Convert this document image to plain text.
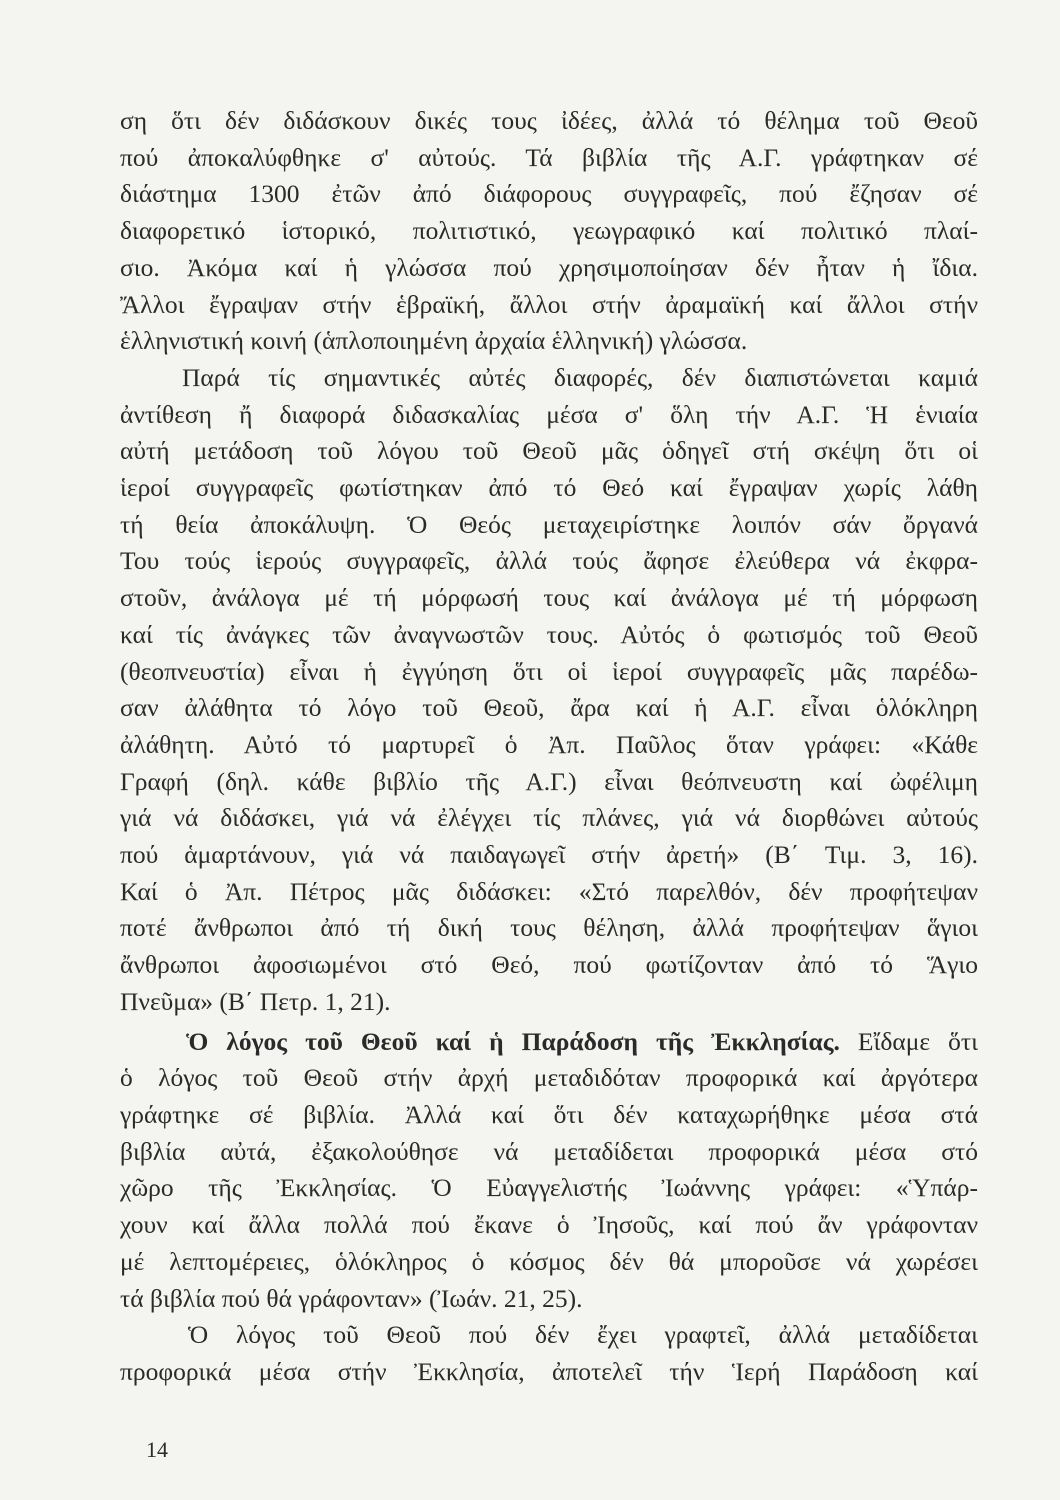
ση ὅτι δέν διδάσκουν δικές τους ἰδέες, ἀλλά τό θέλημα τοῦ Θεοῦ
πού ἀποκαλύφθηκε σ' αὐτούς. Τά βιβλία τῆς Α.Γ. γράφτηκαν σέ
διάστημα 1300 ἐτῶν ἀπό διάφορους συγγραφεῖς, πού ἔζησαν σέ
διαφορετικό ἱστορικό, πολιτιστικό, γεωγραφικό καί πολιτικό πλαί-
σιο. Ἀκόμα καί ἡ γλώσσα πού χρησιμοποίησαν δέν ἦταν ἡ ἴδια.
Ἄλλοι ἔγραψαν στήν ἑβραϊκή, ἄλλοι στήν ἀραμαϊκή καί ἄλλοι στήν
ἑλληνιστική κοινή (ἁπλοποιημένη ἀρχαία ἑλληνική) γλώσσα.
Παρά τίς σημαντικές αὐτές διαφορές, δέν διαπιστώνεται καμιά
ἀντίθεση ἤ διαφορά διδασκαλίας μέσα σ' ὅλη τήν Α.Γ. Ἡ ἑνιαία
αὐτή μετάδοση τοῦ λόγου τοῦ Θεοῦ μᾶς ὁδηγεῖ στή σκέψη ὅτι οἱ
ἱεροί συγγραφεῖς φωτίστηκαν ἀπό τό Θεό καί ἔγραψαν χωρίς λάθη
τή θεία ἀποκάλυψη. Ὁ Θεός μεταχειρίστηκε λοιπόν σάν ὄργανά
Του τούς ἱερούς συγγραφεῖς, ἀλλά τούς ἄφησε ἐλεύθερα νά ἐκφρα-
στοῦν, ἀνάλογα μέ τή μόρφωσή τους καί ἀνάλογα μέ τή μόρφωση
καί τίς ἀνάγκες τῶν ἀναγνωστῶν τους. Αὐτός ὁ φωτισμός τοῦ Θεοῦ
(θεοπνευστία) εἶναι ἡ ἐγγύηση ὅτι οἱ ἱεροί συγγραφεῖς μᾶς παρέδω-
σαν ἀλάθητα τό λόγο τοῦ Θεοῦ, ἄρα καί ἡ Α.Γ. εἶναι ὁλόκληρη
ἀλάθητη. Αὐτό τό μαρτυρεῖ ὁ Ἀπ. Παῦλος ὅταν γράφει: «Κάθε
Γραφή (δηλ. κάθε βιβλίο τῆς Α.Γ.) εἶναι θεόπνευστη καί ὠφέλιμη
γιά νά διδάσκει, γιά νά ἐλέγχει τίς πλάνες, γιά νά διορθώνει αὐτούς
πού ἁμαρτάνουν, γιά νά παιδαγωγεῖ στήν ἀρετή» (Β΄ Τιμ. 3, 16).
Καί ὁ Ἀπ. Πέτρος μᾶς διδάσκει: «Στό παρελθόν, δέν προφήτεψαν
ποτέ ἄνθρωποι ἀπό τή δική τους θέληση, ἀλλά προφήτεψαν ἅγιοι
ἄνθρωποι ἀφοσιωμένοι στό Θεό, πού φωτίζονταν ἀπό τό Ἅγιο
Πνεῦμα» (Β΄ Πετρ. 1, 21).
Ὁ λόγος τοῦ Θεοῦ καί ἡ Παράδοση τῆς Ἐκκλησίας. Εἴδαμε ὅτι
ὁ λόγος τοῦ Θεοῦ στήν ἀρχή μεταδιδόταν προφορικά καί ἀργότερα
γράφτηκε σέ βιβλία. Ἀλλά καί ὅτι δέν καταχωρήθηκε μέσα στά
βιβλία αὐτά, ἐξακολούθησε νά μεταδίδεται προφορικά μέσα στό
χῶρο τῆς Ἐκκλησίας. Ὁ Εὐαγγελιστής Ἰωάννης γράφει: «Ὑπάρ-
χουν καί ἄλλα πολλά πού ἔκανε ὁ Ἰησοῦς, καί πού ἄν γράφονταν
μέ λεπτομέρειες, ὁλόκληρος ὁ κόσμος δέν θά μποροῦσε νά χωρέσει
τά βιβλία πού θά γράφονταν» (Ἰωάν. 21, 25).
Ὁ λόγος τοῦ Θεοῦ πού δέν ἔχει γραφτεῖ, ἀλλά μεταδίδεται
προφορικά μέσα στήν Ἐκκλησία, ἀποτελεῖ τήν Ἱερή Παράδοση καί
14
